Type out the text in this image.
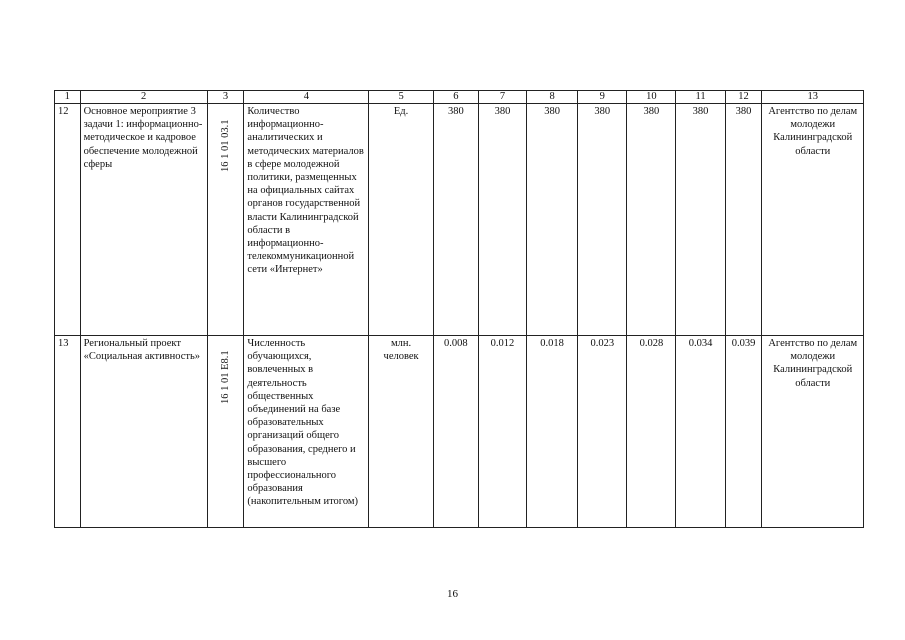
1	2	3	4	5	6	7	8	9	10	11	12	13
12	Основное мероприятие 3 задачи 1: информационно-методическое и кадровое обеспечение молодежной сферы	16 1 01 03.1	Количество информационно-аналитических и методических материалов в сфере молодежной политики, размещенных на официальных сайтах органов государственной власти Калининградской области в информационно-телекоммуникационной сети «Интернет»	Ед.	380	380	380	380	380	380	380	Агентство по делам молодежи Калининградской области
13	Региональный проект «Социальная активность»	16 1 01 E8.1	Численность обучающихся, вовлеченных в деятельность общественных объединений на базе образовательных организаций общего образования, среднего и высшего профессионального образования (накопительным итогом)	млн. человек	0.008	0.012	0.018	0.023	0.028	0.034	0.039	Агентство по делам молодежи Калининградской области
16
